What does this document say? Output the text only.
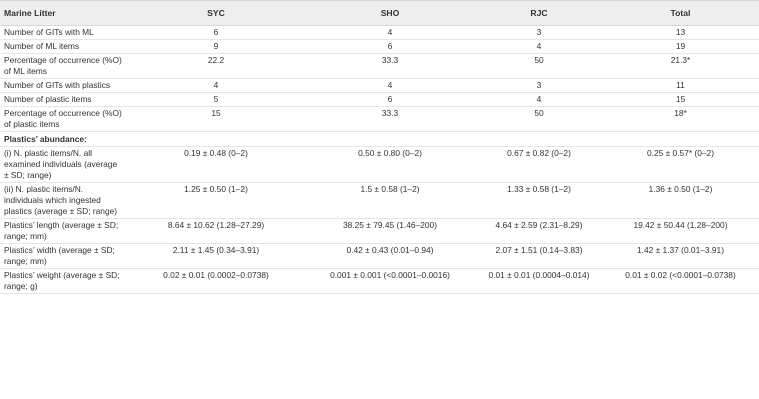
Marine Litter	SYC	SHO	RJC	Total
Number of GITs with ML	6	4	3	13
Number of ML items	9	6	4	19
Percentage of occurrence (%O) of ML items	22.2	33.3	50	21.3*
Number of GITs with plastics	4	4	3	11
Number of plastic items	5	6	4	15
Percentage of occurrence (%O) of plastic items	15	33.3	50	18*
Plastics’ abundance:				
(i) N. plastic items/N. all examined individuals (average ± SD; range)	0.19 ± 0.48 (0–2)	0.50 ± 0.80 (0–2)	0.67 ± 0.82 (0–2)	0.25 ± 0.57* (0–2)
(ii) N. plastic items/N. individuals which ingested plastics (average ± SD; range)	1.25 ± 0.50 (1–2)	1.5 ± 0.58 (1–2)	1.33 ± 0.58 (1–2)	1.36 ± 0.50 (1–2)
Plastics’ length (average ± SD; range; mm)	8.64 ± 10.62 (1.28–27.29)	38.25 ± 79.45 (1.46–200)	4.64 ± 2.59 (2.31–8.29)	19.42 ± 50.44 (1.28–200)
Plastics’ width (average ± SD; range; mm)	2.11 ± 1.45 (0.34–3.91)	0.42 ± 0.43 (0.01–0.94)	2.07 ± 1.51 (0.14–3.83)	1.42 ± 1.37 (0.01–3.91)
Plastics’ weight (average ± SD; range; g)	0.02 ± 0.01 (0.0002–0.0738)	0.001 ± 0.001 (<0.0001–0.0016)	0.01 ± 0.01 (0.0004–0.014)	0.01 ± 0.02 (<0.0001–0.0738)
